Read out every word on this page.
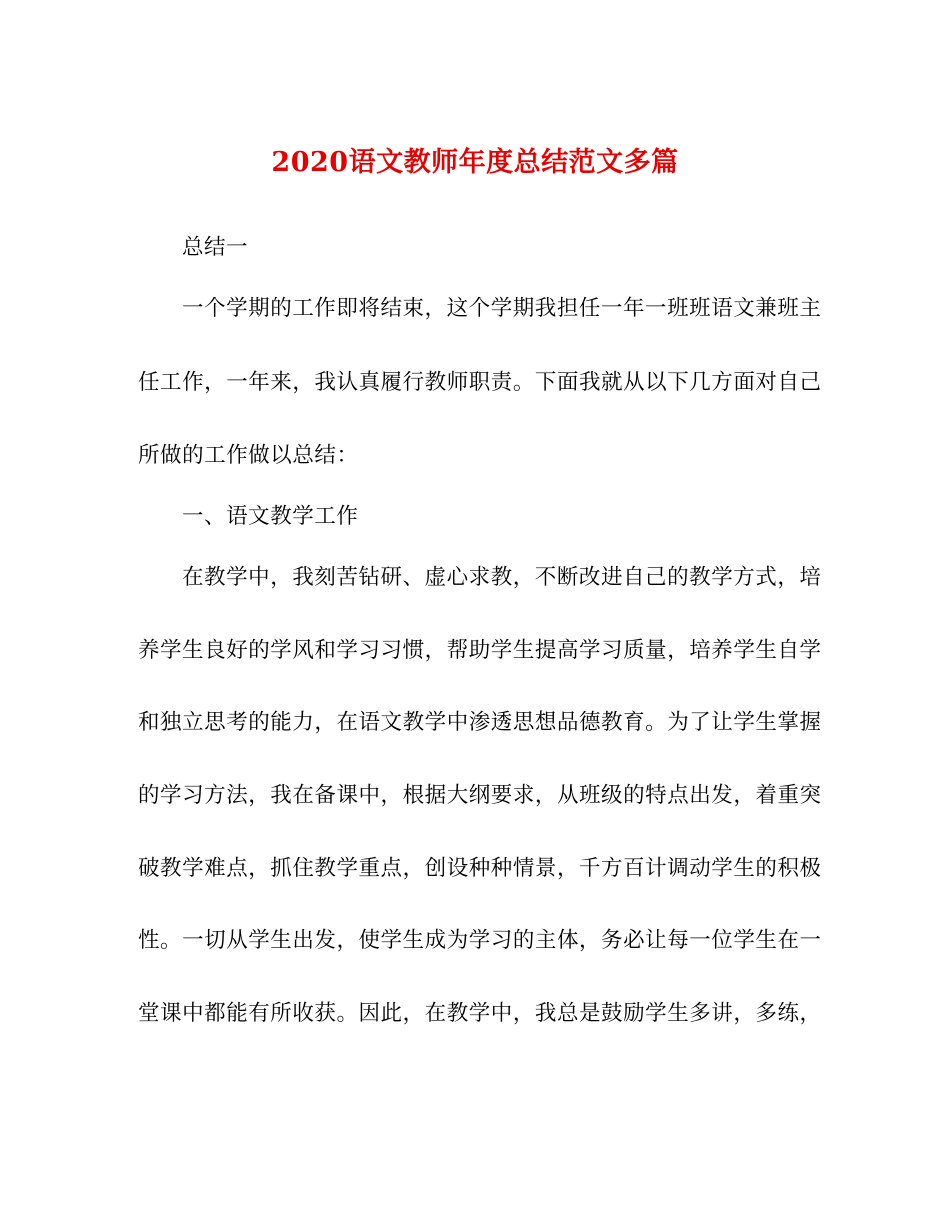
2020语文教师年度总结范文多篇
总结一
一个学期的工作即将结束，这个学期我担任一年一班班语文兼班主
任工作，一年来，我认真履行教师职责。下面我就从以下几方面对自己
所做的工作做以总结：
一、语文教学工作
在教学中，我刻苦钻研、虚心求教，不断改进自己的教学方式，培
养学生良好的学风和学习习惯，帮助学生提高学习质量，培养学生自学
和独立思考的能力，在语文教学中渗透思想品德教育。为了让学生掌握
的学习方法，我在备课中，根据大纲要求，从班级的特点出发，着重突
破教学难点，抓住教学重点，创设种种情景，千方百计调动学生的积极
性。一切从学生出发，使学生成为学习的主体，务必让每一位学生在一
堂课中都能有所收获。因此，在教学中，我总是鼓励学生多讲，多练，
